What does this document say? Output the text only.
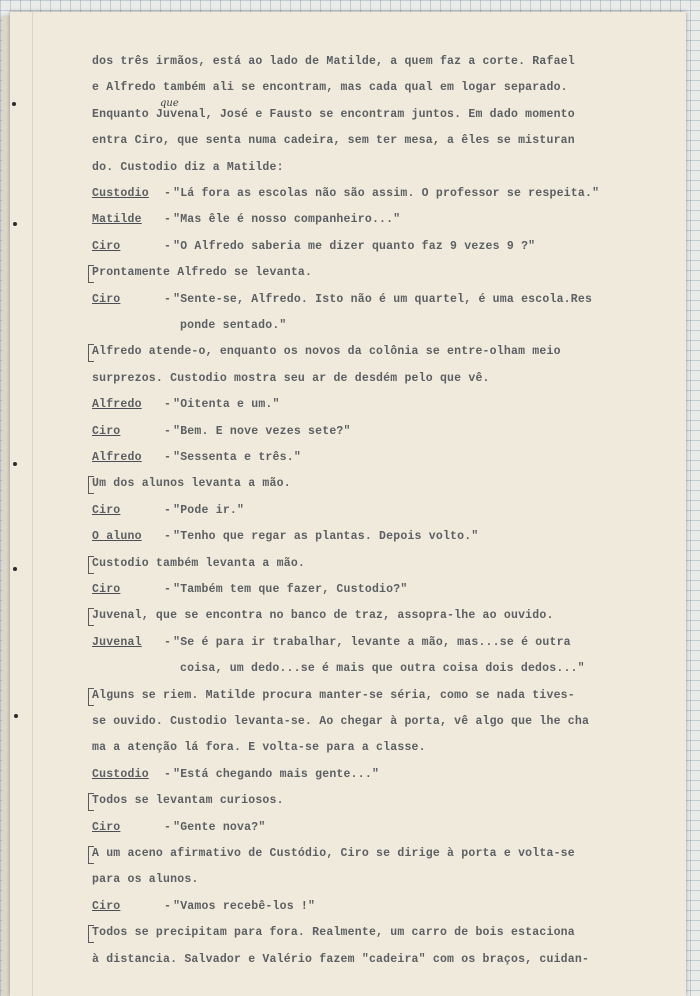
que
dos três irmãos, está ao lado de Matilde, a quem faz a corte. Rafael
e Alfredo também ali se encontram, mas cada qual em logar separado.
Enquanto Juvenal, José e Fausto se encontram juntos. Em dado momento
entra Ciro, que senta numa cadeira, sem ter mesa, a êles se misturan
do. Custodio diz a Matilde:
Custodio - "Lá fora as escolas não são assim. O professor se respeita."
Matilde - "Mas êle é nosso companheiro..."
Ciro	- "O Alfredo saberia me dizer quanto faz 9 vezes 9 ?"
Prontamente Alfredo se levanta.
Ciro	- "Sente-se, Alfredo. Isto não é um quartel, é uma escola.Res
ponde sentado."
Alfredo atende-o, enquanto os novos da colônia se entre-olham meio
surprezos. Custodio mostra seu ar de desdém pelo que vê.
Alfredo - "Oitenta e um."
Ciro	- "Bem. E nove vezes sete?"
Alfredo - "Sessenta e três."
Um dos alunos levanta a mão.
Ciro	- "Pode ir."
O aluno - "Tenho que regar as plantas. Depois volto."
Custodio também levanta a mão.
Ciro	- "Também tem que fazer, Custodio?"
Juvenal, que se encontra no banco de traz, assopra-lhe ao ouvido.
Juvenal - "Se é para ir trabalhar, levante a mão, mas...se é outra
coisa, um dedo...se é mais que outra coisa dois dedos..."
Alguns se riem. Matilde procura manter-se séria, como se nada tives-
se ouvido. Custodio levanta-se. Ao chegar à porta, vê algo que lhe cha
ma a atenção lá fora. E volta-se para a classe.
Custodio - "Está chegando mais gente..."
Todos se levantam curiosos.
Ciro	- "Gente nova?"
A um aceno afirmativo de Custódio, Ciro se dirige à porta e volta-se
para os alunos.
Ciro	- "Vamos recebê-los !"
Todos se precipitam para fora. Realmente, um carro de bois estaciona
à distancia. Salvador e Valério fazem "cadeira" com os braços, cuidan-
